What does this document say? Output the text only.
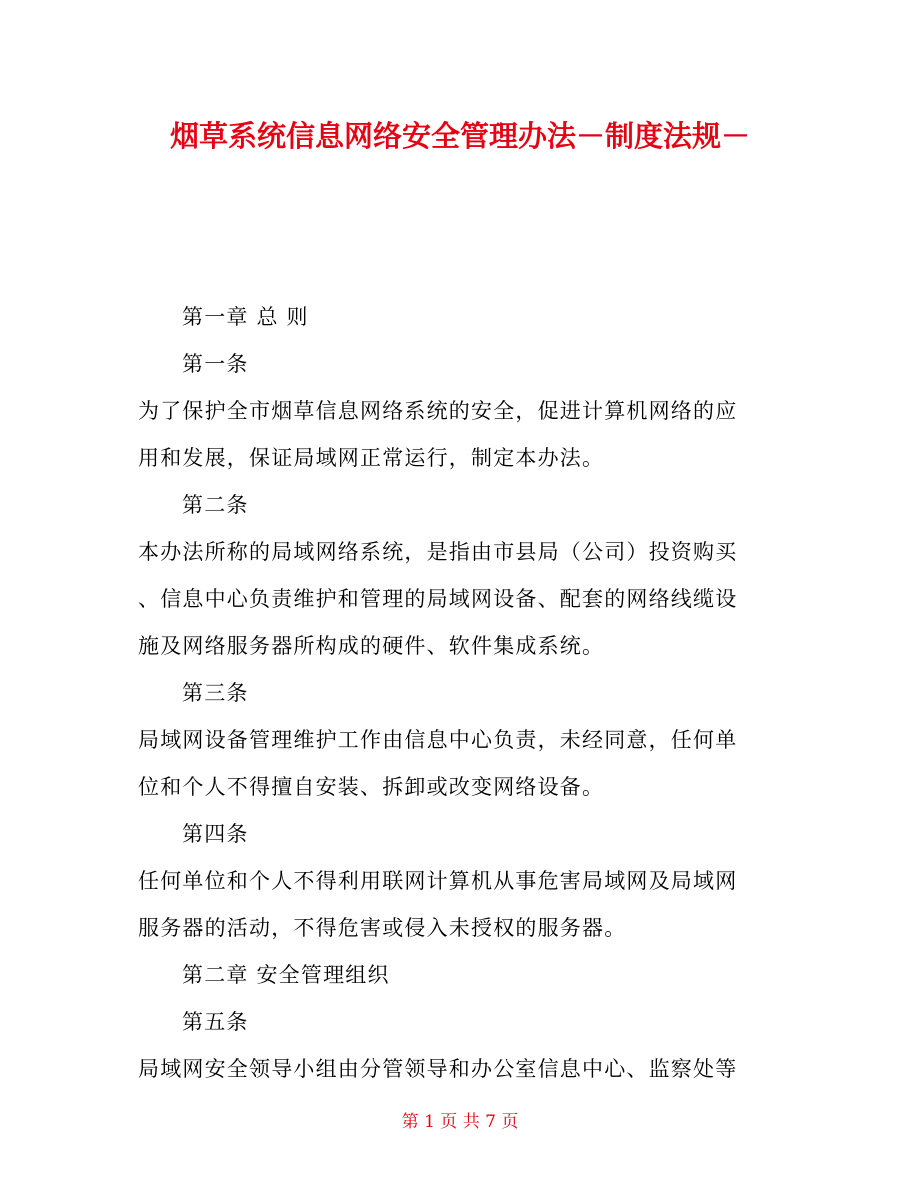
烟草系统信息网络安全管理办法－制度法规－
第一章 总 则
第一条
为了保护全市烟草信息网络系统的安全，促进计算机网络的应
用和发展，保证局域网正常运行，制定本办法。
第二条
本办法所称的局域网络系统，是指由市县局（公司）投资购买
、信息中心负责维护和管理的局域网设备、配套的网络线缆设
施及网络服务器所构成的硬件、软件集成系统。
第三条
局域网设备管理维护工作由信息中心负责，未经同意，任何单
位和个人不得擅自安装、拆卸或改变网络设备。
第四条
任何单位和个人不得利用联网计算机从事危害局域网及局域网
服务器的活动，不得危害或侵入未授权的服务器。
第二章 安全管理组织
第五条
局域网安全领导小组由分管领导和办公室信息中心、监察处等
第 1 页 共 7 页
